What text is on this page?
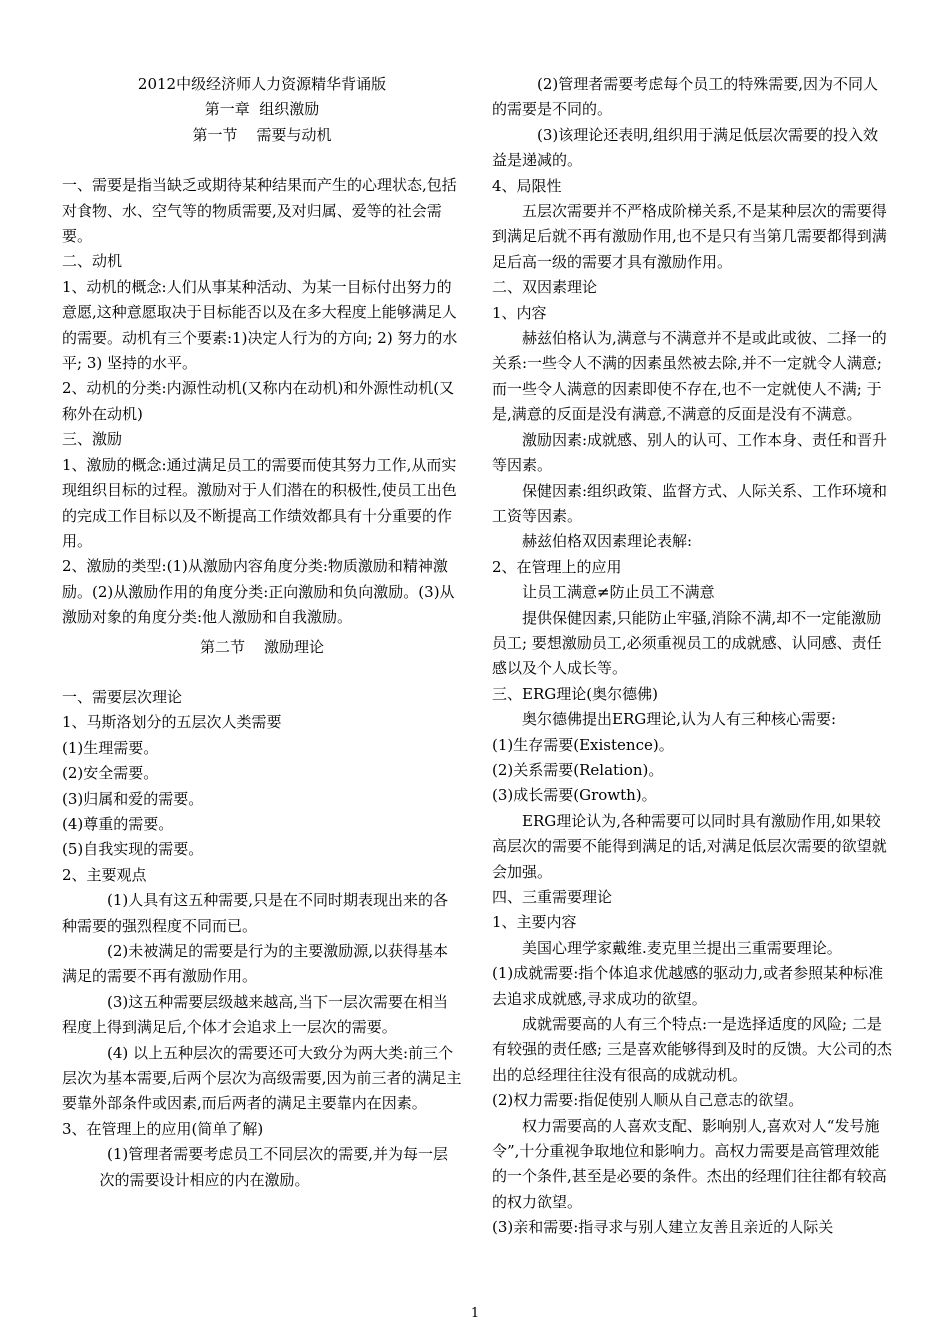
2012中级经济师人力资源精华背诵版

第一章  组织激励

第一节    需要与动机

一、需要是指当缺乏或期待某种结果而产生的心理状态,包括对食物、水、空气等的物质需要,及对归属、爱等的社会需要。

二、动机

1、动机的概念:人们从事某种活动、为某一目标付出努力的意愿,这种意愿取决于目标能否以及在多大程度上能够满足人的需要。动机有三个要素:1)决定人行为的方向; 2) 努力的水平; 3) 坚持的水平。

2、动机的分类:内源性动机(又称内在动机)和外源性动机(又称外在动机)

三、激励

1、激励的概念:通过满足员工的需要而使其努力工作,从而实现组织目标的过程。激励对于人们潜在的积极性,使员工出色的完成工作目标以及不断提高工作绩效都具有十分重要的作用。

2、激励的类型:(1)从激励内容角度分类:物质激励和精神激励。(2)从激励作用的角度分类:正向激励和负向激励。(3)从激励对象的角度分类:他人激励和自我激励。

第二节    激励理论

一、需要层次理论

1、马斯洛划分的五层次人类需要

(1)生理需要。

(2)安全需要。

(3)归属和爱的需要。

(4)尊重的需要。

(5)自我实现的需要。

2、主要观点

(1)人具有这五种需要,只是在不同时期表现出来的各种需要的强烈程度不同而已。

(2)未被满足的需要是行为的主要激励源,以获得基本满足的需要不再有激励作用。

(3)这五种需要层级越来越高,当下一层次需要在相当程度上得到满足后,个体才会追求上一层次的需要。

(4) 以上五种层次的需要还可大致分为两大类:前三个层次为基本需要,后两个层次为高级需要,因为前三者的满足主要靠外部条件或因素,而后两者的满足主要靠内在因素。

3、在管理上的应用(简单了解)

(1)管理者需要考虑员工不同层次的需要,并为每一层次的需要设计相应的内在激励。

(2)管理者需要考虑每个员工的特殊需要,因为不同人的需要是不同的。

(3)该理论还表明,组织用于满足低层次需要的投入效益是递减的。

4、局限性

五层次需要并不严格成阶梯关系,不是某种层次的需要得到满足后就不再有激励作用,也不是只有当第几需要都得到满足后高一级的需要才具有激励作用。

二、双因素理论

1、内容

赫兹伯格认为,满意与不满意并不是或此或彼、二择一的关系:一些令人不满的因素虽然被去除,并不一定就令人满意; 而一些令人满意的因素即使不存在,也不一定就使人不满; 于是,满意的反面是没有满意,不满意的反面是没有不满意。

激励因素:成就感、别人的认可、工作本身、责任和晋升等因素。

保健因素:组织政策、监督方式、人际关系、工作环境和工资等因素。

赫兹伯格双因素理论表解:

2、在管理上的应用

让员工满意≠防止员工不满意

提供保健因素,只能防止牢骚,消除不满,却不一定能激励员工; 要想激励员工,必须重视员工的成就感、认同感、责任感以及个人成长等。

三、ERG理论(奥尔德佛)

奥尔德佛提出ERG理论,认为人有三种核心需要:

(1)生存需要(Existence)。

(2)关系需要(Relation)。

(3)成长需要(Growth)。

ERG理论认为,各种需要可以同时具有激励作用,如果较高层次的需要不能得到满足的话,对满足低层次需要的欲望就会加强。

四、三重需要理论

1、主要内容

美国心理学家戴维.麦克里兰提出三重需要理论。

(1)成就需要:指个体追求优越感的驱动力,或者参照某种标准去追求成就感,寻求成功的欲望。

成就需要高的人有三个特点:一是选择适度的风险; 二是有较强的责任感; 三是喜欢能够得到及时的反馈。大公司的杰出的总经理往往没有很高的成就动机。

(2)权力需要:指促使别人顺从自己意志的欲望。

权力需要高的人喜欢支配、影响别人,喜欢对人“发号施令”,十分重视争取地位和影响力。高权力需要是高管理效能的一个条件,甚至是必要的条件。杰出的经理们往往都有较高的权力欲望。

(3)亲和需要:指寻求与别人建立友善且亲近的人际关

1
